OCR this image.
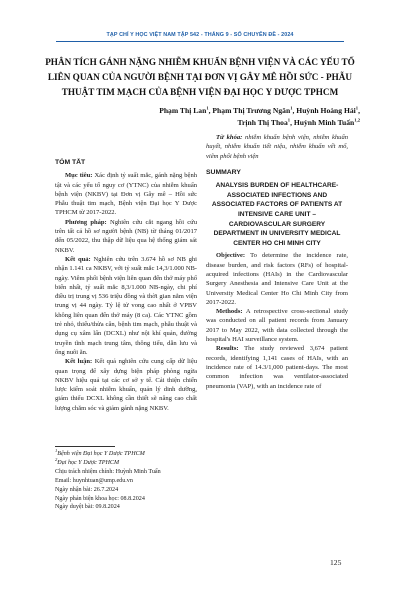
TẠP CHÍ Y HỌC VIỆT NAM TẬP 542 - THÁNG 9 - SỐ CHUYÊN ĐỀ - 2024
PHÂN TÍCH GÁNH NẶNG NHIỄM KHUẨN BỆNH VIỆN VÀ CÁC YẾU TỐ LIÊN QUAN CỦA NGƯỜI BỆNH TẠI ĐƠN VỊ GÂY MÊ HỒI SỨC - PHẪU THUẬT TIM MẠCH CỦA BỆNH VIỆN ĐẠI HỌC Y DƯỢC TPHCM
Phạm Thị Lan$^1$, Phạm Thị Trương Ngân$^1$, Huỳnh Hoàng Hải$^1$,
Trịnh Thị Thoa$^1$, Huỳnh Minh Tuấn$^{1,2}$
TÓM TẮT

Mục tiêu: Xác định tỷ suất mắc, gánh nặng bệnh tật và các yếu tố nguy cơ (YTNC) của nhiễm khuẩn bệnh viện (NKBV) tại Đơn vị Gây mê – Hồi sức Phẫu thuật tim mạch, Bệnh viện Đại học Y Dược TPHCM từ 2017-2022.

Phương pháp: Nghiên cứu cắt ngang hồi cứu trên tất cả hồ sơ người bệnh (NB) từ tháng 01/2017 đến 05/2022, thu thập dữ liệu qua hệ thống giám sát NKBV.

Kết quả: Nghiên cứu trên 3.674 hồ sơ NB ghi nhận 1.141 ca NKBV, với tỷ suất mắc 14,3/1.000 NB-ngày. Viêm phổi bệnh viện liên quan đến thở máy phổ biến nhất, tỷ suất mắc 8,3/1.000 NB-ngày, chi phí điều trị trung vị 536 triệu đồng và thời gian nằm viện trung vị 44 ngày. Tỷ lệ tử vong cao nhất ở VPBV không liên quan đến thở máy (8 ca). Các YTNC gồm trẻ nhỏ, thiếu/thừa cân, bệnh tim mạch, phẫu thuật và dụng cụ xâm lấn (DCXL) như nội khí quản, đường truyền tĩnh mạch trung tâm, thông tiểu, dẫn lưu và ống nuôi ăn.

Kết luận: Kết quả nghiên cứu cung cấp dữ liệu quan trọng để xây dựng biện pháp phòng ngừa NKBV hiệu quả tại các cơ sở y tế. Cải thiện chiến lược kiểm soát nhiễm khuẩn, quản lý dinh dưỡng, giám thiểu DCXL không cần thiết sẽ nâng cao chất lượng chăm sóc và giảm gánh nặng NKBV.

$^1$Bệnh viện Đại học Y Dược TPHCM
$^2$Đại học Y Dược TPHCM
Chịu trách nhiệm chính: Huỳnh Minh Tuấn
Email: huynhtuan@ump.edu.vn
Ngày nhận bài: 26.7.2024
Ngày phản biện khoa học: 08.8.2024
Ngày duyệt bài: 09.8.2024

Từ khóa: nhiễm khuẩn bệnh viện, nhiễm khuẩn huyết, nhiễm khuẩn tiết niệu, nhiễm khuẩn vết mổ, viêm phổi bệnh viện

SUMMARY
ANALYSIS BURDEN OF HEALTHCARE-ASSOCIATED INFECTIONS AND ASSOCIATED FACTORS OF PATIENTS AT INTENSIVE CARE UNIT – CARDIOVASCULAR SURGERY DEPARTMENT IN UNIVERSITY MEDICAL CENTER HO CHI MINH CITY

Objective: To determine the incidence rate, disease burden, and risk factors (RFs) of hospital-acquired infections (HAIs) in the Cardiovascular Surgery Anesthesia and Intensive Care Unit at the University Medical Center Ho Chi Minh City from 2017-2022.

Methods: A retrospective cross-sectional study was conducted on all patient records from January 2017 to May 2022, with data collected through the hospital's HAI surveillance system.

Results: The study reviewed 3,674 patient records, identifying 1,141 cases of HAIs, with an incidence rate of 14.3/1,000 patient-days. The most common infection was ventilator-associated pneumonia (VAP), with an incidence rate of

125
